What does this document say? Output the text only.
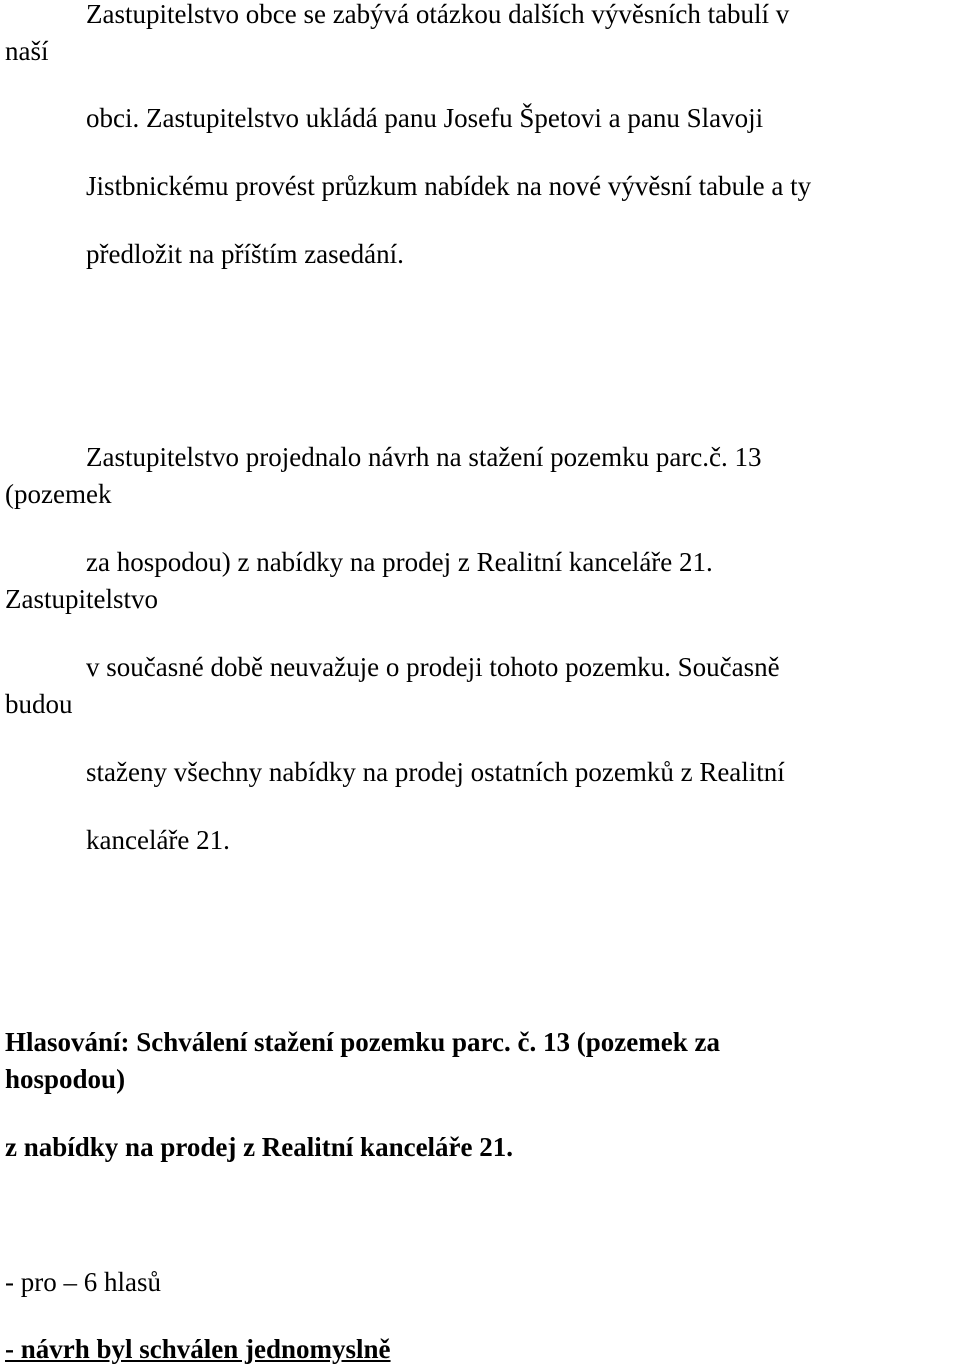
Zastupitelstvo obce se zabývá otázkou dalších vývěsních tabulí v

naší

obci. Zastupitelstvo ukládá panu Josefu Špetovi a panu Slavoji

Jistbnickému provést průzkum nabídek na nové vývěsní tabule a ty

předložit na příštím zasedání.

Zastupitelstvo projednalo návrh na stažení pozemku parc.č. 13

(pozemek

za hospodou) z nabídky na prodej z Realitní kanceláře 21.

Zastupitelstvo

v současné době neuvažuje o prodeji tohoto pozemku. Současně

budou

staženy všechny nabídky na prodej ostatních pozemků z Realitní

kanceláře 21.

Hlasování: Schválení stažení pozemku parc. č. 13 (pozemek za

hospodou)

z nabídky na prodej z Realitní kanceláře 21.

- pro – 6 hlasů

- návrh byl schválen jednomyslně
